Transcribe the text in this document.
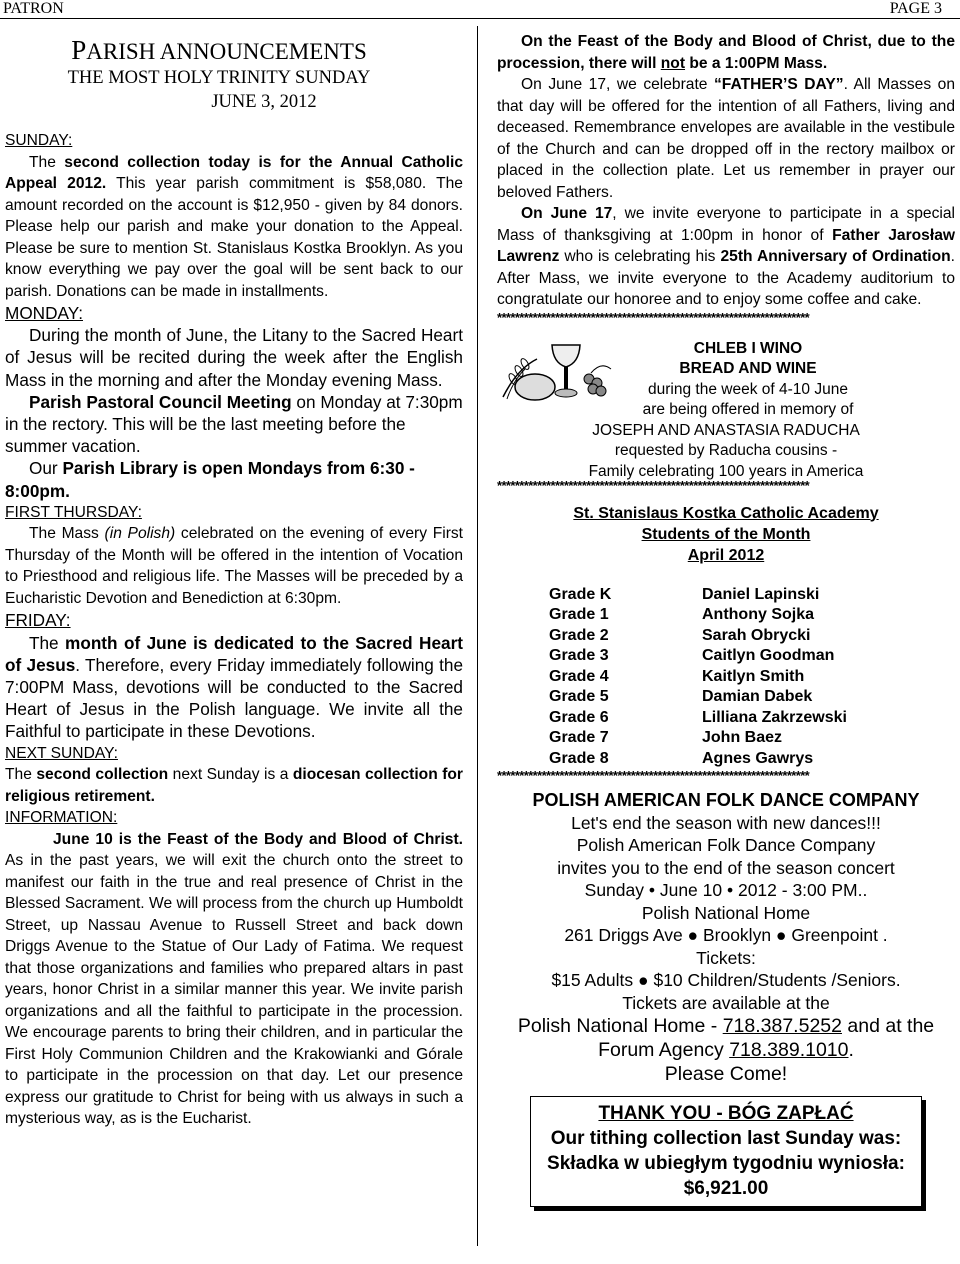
PATRON	PAGE 3
PARISH ANNOUNCEMENTS
THE MOST HOLY TRINITY SUNDAY
JUNE 3, 2012
SUNDAY:
The second collection today is for the Annual Catholic Appeal 2012. This year parish commitment is $58,080. The amount recorded on the account is $12,950 - given by 84 donors. Please help our parish and make your donation to the Appeal. Please be sure to mention St. Stanislaus Kostka Brooklyn. As you know everything we pay over the goal will be sent back to our parish. Donations can be made in installments.
MONDAY:
During the month of June, the Litany to the Sacred Heart of Jesus will be recited during the week after the English Mass in the morning and after the Monday evening Mass.
Parish Pastoral Council Meeting on Monday at 7:30pm in the rectory. This will be the last meeting before the summer vacation.
Our Parish Library is open Mondays from 6:30 - 8:00pm.
FIRST THURSDAY:
The Mass (in Polish) celebrated on the evening of every First Thursday of the Month will be offered in the intention of Vocation to Priesthood and religious life. The Masses will be preceded by a Eucharistic Devotion and Benediction at 6:30pm.
FRIDAY:
The month of June is dedicated to the Sacred Heart of Jesus. Therefore, every Friday immediately following the 7:00PM Mass, devotions will be conducted to the Sacred Heart of Jesus in the Polish language. We invite all the Faithful to participate in these Devotions.
NEXT SUNDAY:
The second collection next Sunday is a diocesan collection for religious retirement.
INFORMATION:
June 10 is the Feast of the Body and Blood of Christ. As in the past years, we will exit the church onto the street to manifest our faith in the true and real presence of Christ in the Blessed Sacrament. We will process from the church up Humboldt Street, up Nassau Avenue to Russell Street and back down Driggs Avenue to the Statue of Our Lady of Fatima. We request that those organizations and families who prepared altars in past years, honor Christ in a similar manner this year. We invite parish organizations and all the faithful to participate in the procession. We encourage parents to bring their children, and in particular the First Holy Communion Children and the Krakowianki and Górale to participate in the procession on that day. Let our presence express our gratitude to Christ for being with us always in such a mysterious way, as is the Eucharist.
On the Feast of the Body and Blood of Christ, due to the procession, there will not be a 1:00PM Mass.
On June 17, we celebrate “FATHER’S DAY”. All Masses on that day will be offered for the intention of all Fathers, living and deceased. Remembrance envelopes are available in the vestibule of the Church and can be dropped off in the rectory mailbox or placed in the collection plate. Let us remember in prayer our beloved Fathers.
On June 17, we invite everyone to participate in a special Mass of thanksgiving at 1:00pm in honor of Father Jarosław Lawrenz who is celebrating his 25th Anniversary of Ordination. After Mass, we invite everyone to the Academy auditorium to congratulate our honoree and to enjoy some coffee and cake.
**********************************************************************
CHLEB I WINO
BREAD AND WINE
during the week of 4-10 June
are being offered in memory of
JOSEPH AND ANASTASIA RADUCHA
requested by Raducha cousins -
Family celebrating 100 years in America
**********************************************************************
St. Stanislaus Kostka Catholic Academy
Students of the Month
April 2012
Grade K	Daniel Lapinski
Grade 1	Anthony Sojka
Grade 2	Sarah Obrycki
Grade 3	Caitlyn Goodman
Grade 4	Kaitlyn Smith
Grade 5	Damian Dabek
Grade 6	Lilliana Zakrzewski
Grade 7	John Baez
Grade 8	Agnes Gawrys
**********************************************************************
POLISH AMERICAN FOLK DANCE COMPANY
Let's end the season with new dances!!!
Polish American Folk Dance Company
invites you to the end of the season concert
Sunday • June 10 • 2012 - 3:00 PM..
Polish National Home
261 Driggs Ave ● Brooklyn ● Greenpoint .
Tickets:
$15 Adults ● $10 Children/Students /Seniors.
Tickets are available at the
Polish National Home - 718.387.5252 and at the
Forum Agency 718.389.1010.
Please Come!
THANK YOU - BÓG ZAPŁAĆ
Our tithing collection last Sunday was:
Składka w ubiegłym tygodniu wyniosła:
$6,921.00
